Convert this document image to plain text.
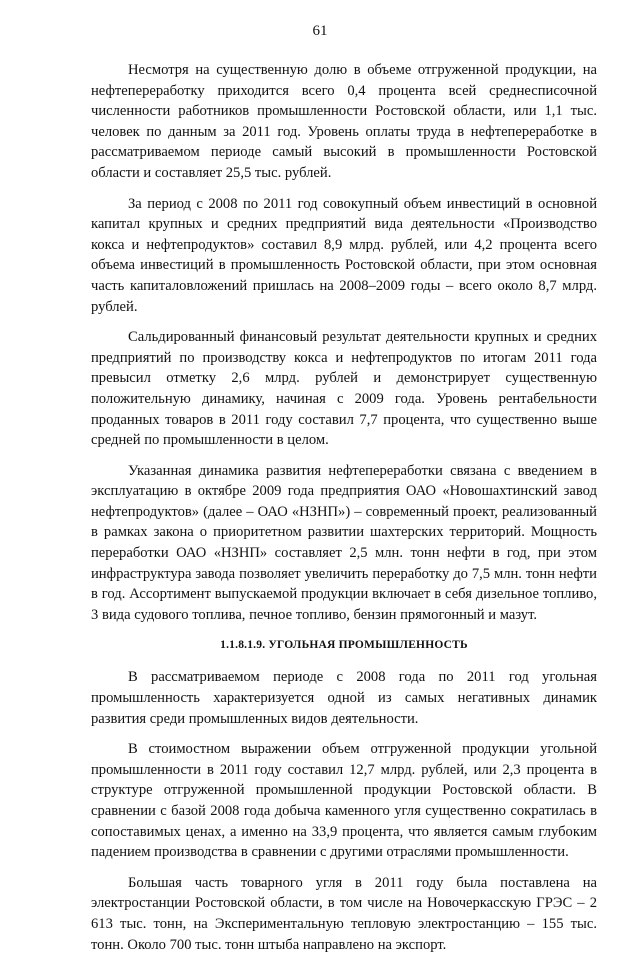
61

Несмотря на существенную долю в объеме отгруженной продукции, на нефтепереработку приходится всего 0,4 процента всей среднесписочной численности работников промышленности Ростовской области, или 1,1 тыс. человек по данным за 2011 год. Уровень оплаты труда в нефтепереработке в рассматриваемом периоде самый высокий в промышленности Ростовской области и составляет 25,5 тыс. рублей.

За период с 2008 по 2011 год совокупный объем инвестиций в основной капитал крупных и средних предприятий вида деятельности «Производство кокса и нефтепродуктов» составил 8,9 млрд. рублей, или 4,2 процента всего объема инвестиций в промышленность Ростовской области, при этом основная часть капиталовложений пришлась на 2008–2009 годы – всего около 8,7 млрд. рублей.

Сальдированный финансовый результат деятельности крупных и средних предприятий по производству кокса и нефтепродуктов по итогам 2011 года превысил отметку 2,6 млрд. рублей и демонстрирует существенную положительную динамику, начиная с 2009 года. Уровень рентабельности проданных товаров в 2011 году составил 7,7 процента, что существенно выше средней по промышленности в целом.

Указанная динамика развития нефтепереработки связана с введением в эксплуатацию в октябре 2009 года предприятия ОАО «Новошахтинский завод нефтепродуктов» (далее – ОАО «НЗНП») – современный проект, реализованный в рамках закона о приоритетном развитии шахтерских территорий. Мощность переработки ОАО «НЗНП» составляет 2,5 млн. тонн нефти в год, при этом инфраструктура завода позволяет увеличить переработку до 7,5 млн. тонн нефти в год. Ассортимент выпускаемой продукции включает в себя дизельное топливо, 3 вида судового топлива, печное топливо, бензин прямогонный и мазут.

1.1.8.1.9. УГОЛЬНАЯ ПРОМЫШЛЕННОСТЬ

В рассматриваемом периоде с 2008 года по 2011 год угольная промышленность характеризуется одной из самых негативных динамик развития среди промышленных видов деятельности.

В стоимостном выражении объем отгруженной продукции угольной промышленности в 2011 году составил 12,7 млрд. рублей, или 2,3 процента в структуре отгруженной промышленной продукции Ростовской области. В сравнении с базой 2008 года добыча каменного угля существенно сократилась в сопоставимых ценах, а именно на 33,9 процента, что является самым глубоким падением производства в сравнении с другими отраслями промышленности.

Большая часть товарного угля в 2011 году была поставлена на электростанции Ростовской области, в том числе на Новочеркасскую ГРЭС – 2 613 тыс. тонн, на Экспериментальную тепловую электростанцию – 155 тыс. тонн. Около 700 тыс. тонн штыба направлено на экспорт.
